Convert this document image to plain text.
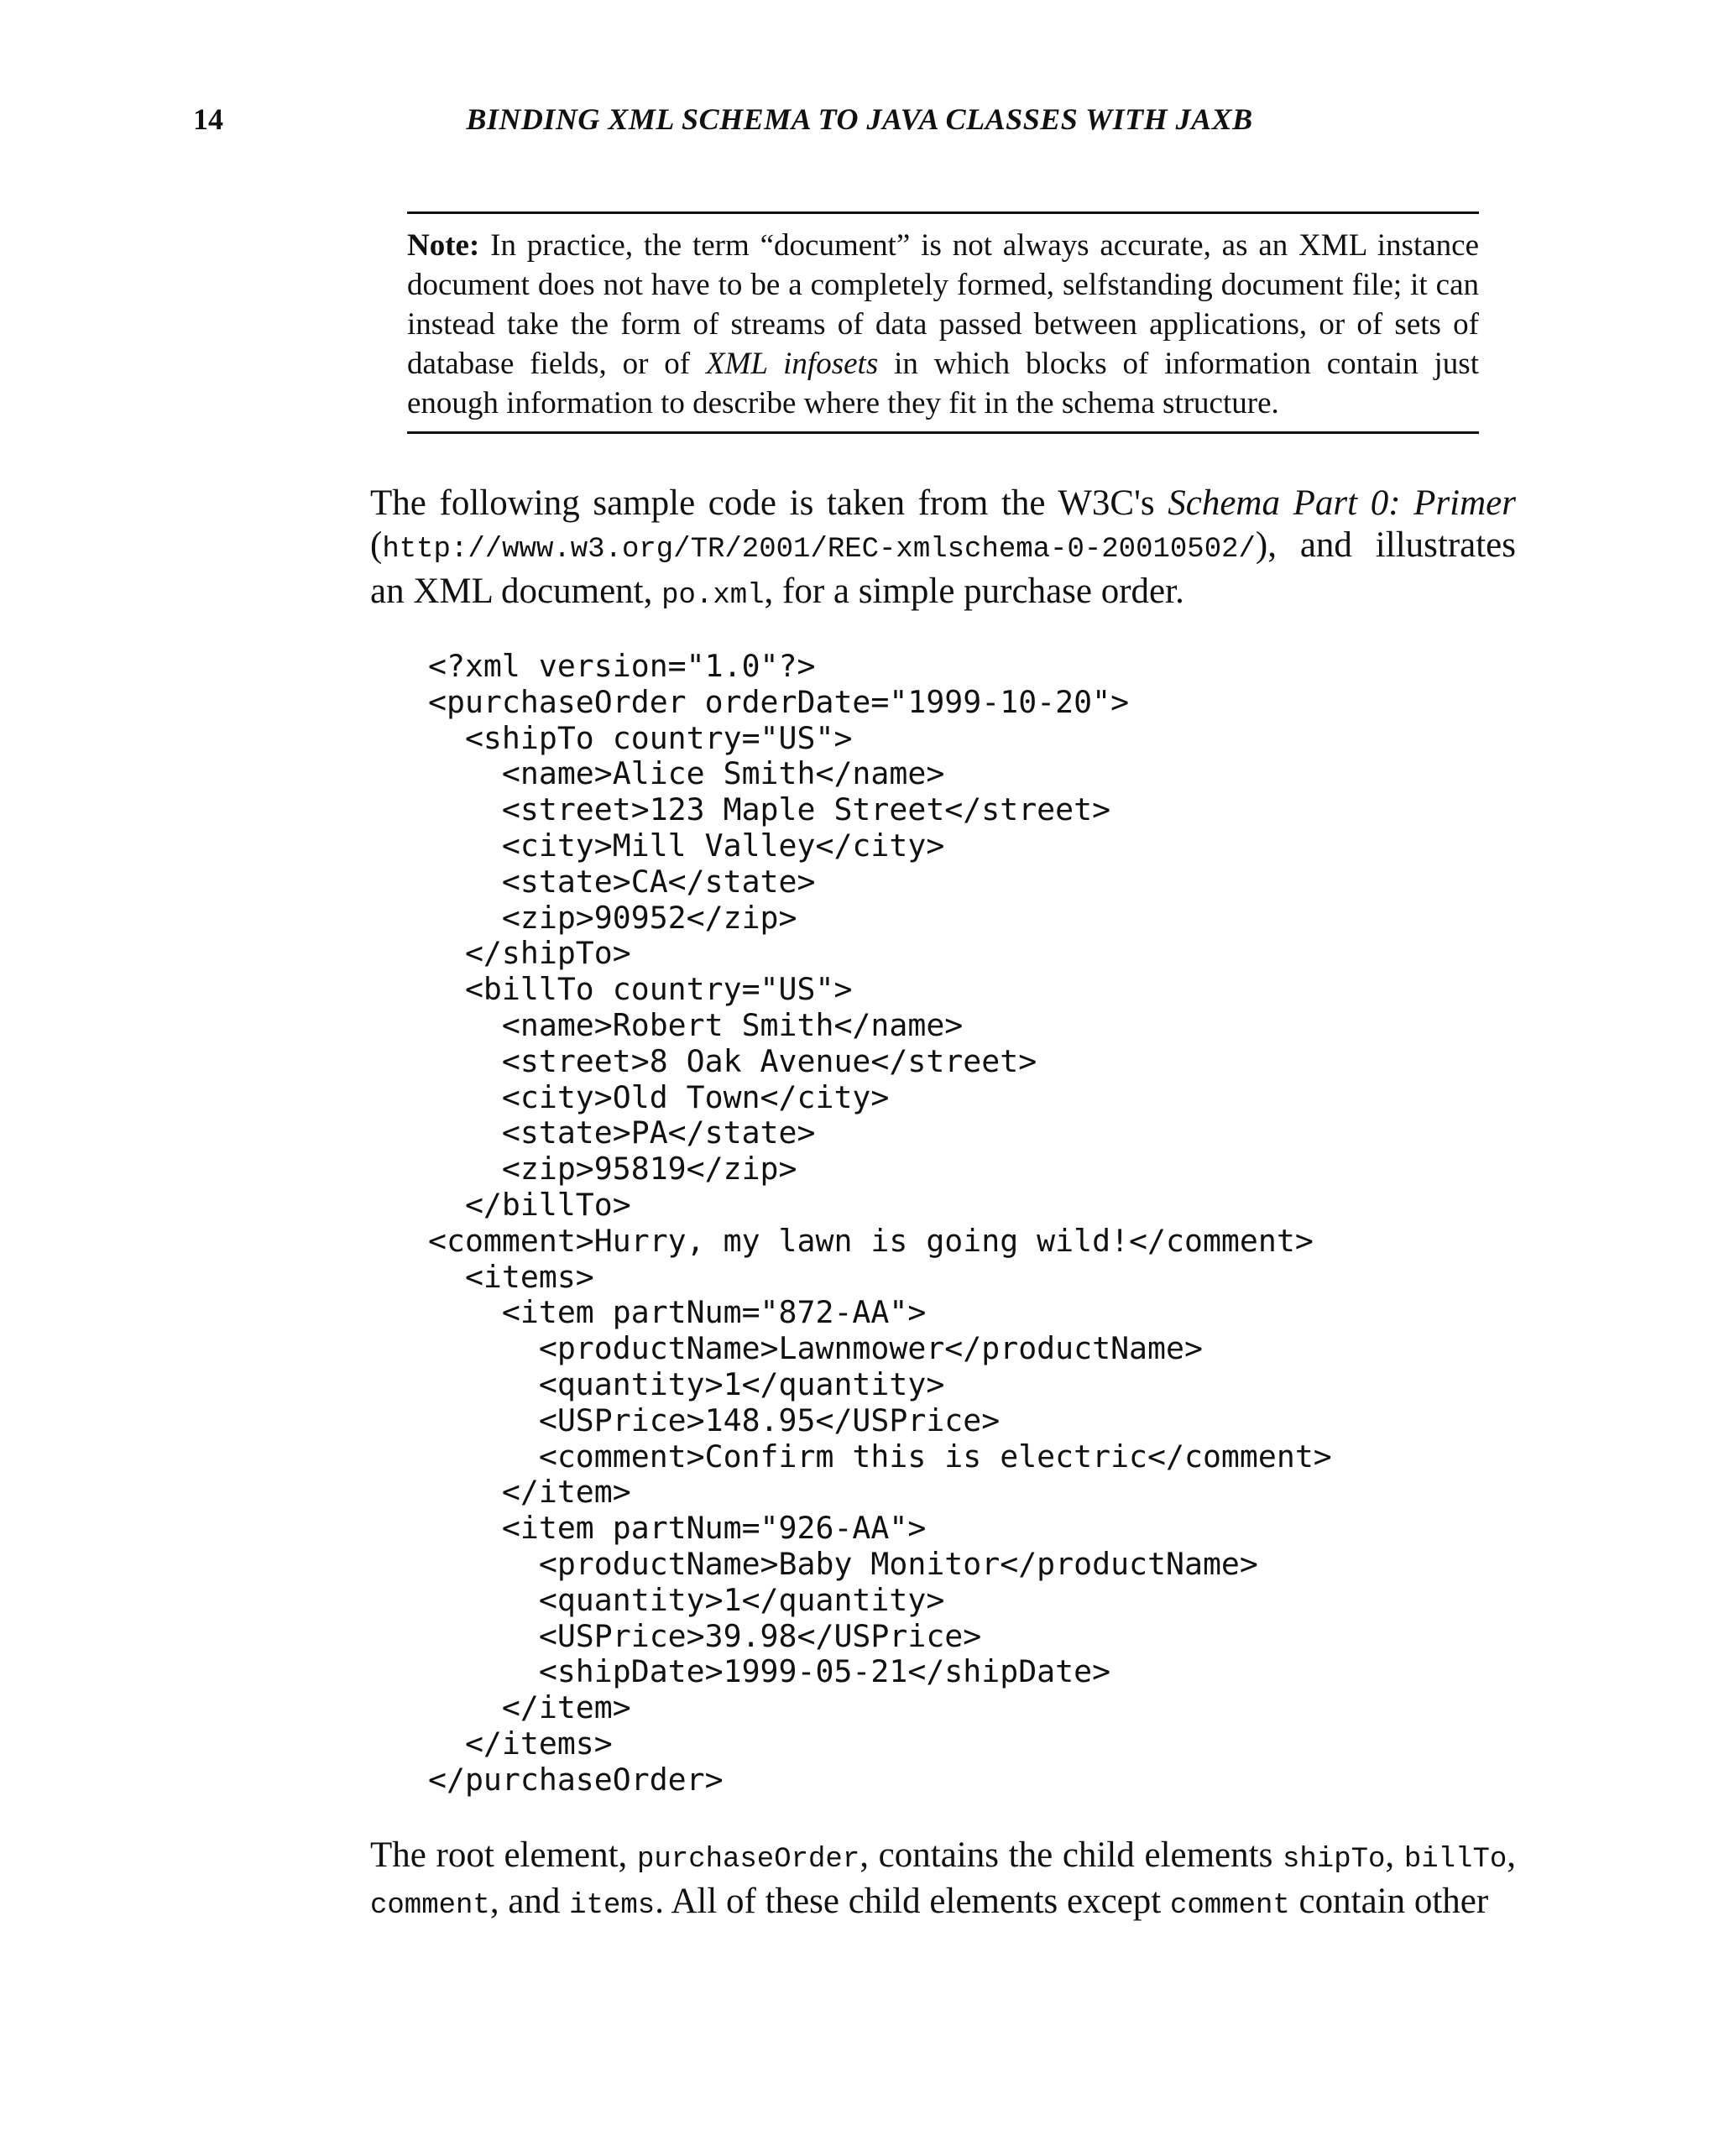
14	BINDING XML SCHEMA TO JAVA CLASSES WITH JAXB
Note: In practice, the term “document” is not always accurate, as an XML instance document does not have to be a completely formed, selfstanding document file; it can instead take the form of streams of data passed between applications, or of sets of database fields, or of XML infosets in which blocks of information contain just enough information to describe where they fit in the schema structure.
The following sample code is taken from the W3C's Schema Part 0: Primer (http://www.w3.org/TR/2001/REC-xmlschema-0-20010502/), and illustrates an XML document, po.xml, for a simple purchase order.
<?xml version="1.0"?>
<purchaseOrder orderDate="1999-10-20">
<shipTo country="US">
<name>Alice Smith</name>
<street>123 Maple Street</street>
<city>Mill Valley</city>
<state>CA</state>
<zip>90952</zip>
</shipTo>
<billTo country="US">
<name>Robert Smith</name>
<street>8 Oak Avenue</street>
<city>Old Town</city>
<state>PA</state>
<zip>95819</zip>
</billTo>
<comment>Hurry, my lawn is going wild!</comment>
<items>
<item partNum="872-AA">
<productName>Lawnmower</productName>
<quantity>1</quantity>
<USPrice>148.95</USPrice>
<comment>Confirm this is electric</comment>
</item>
<item partNum="926-AA">
<productName>Baby Monitor</productName>
<quantity>1</quantity>
<USPrice>39.98</USPrice>
<shipDate>1999-05-21</shipDate>
</item>
</items>
</purchaseOrder>
The root element, purchaseOrder, contains the child elements shipTo, billTo, comment, and items. All of these child elements except comment contain other
